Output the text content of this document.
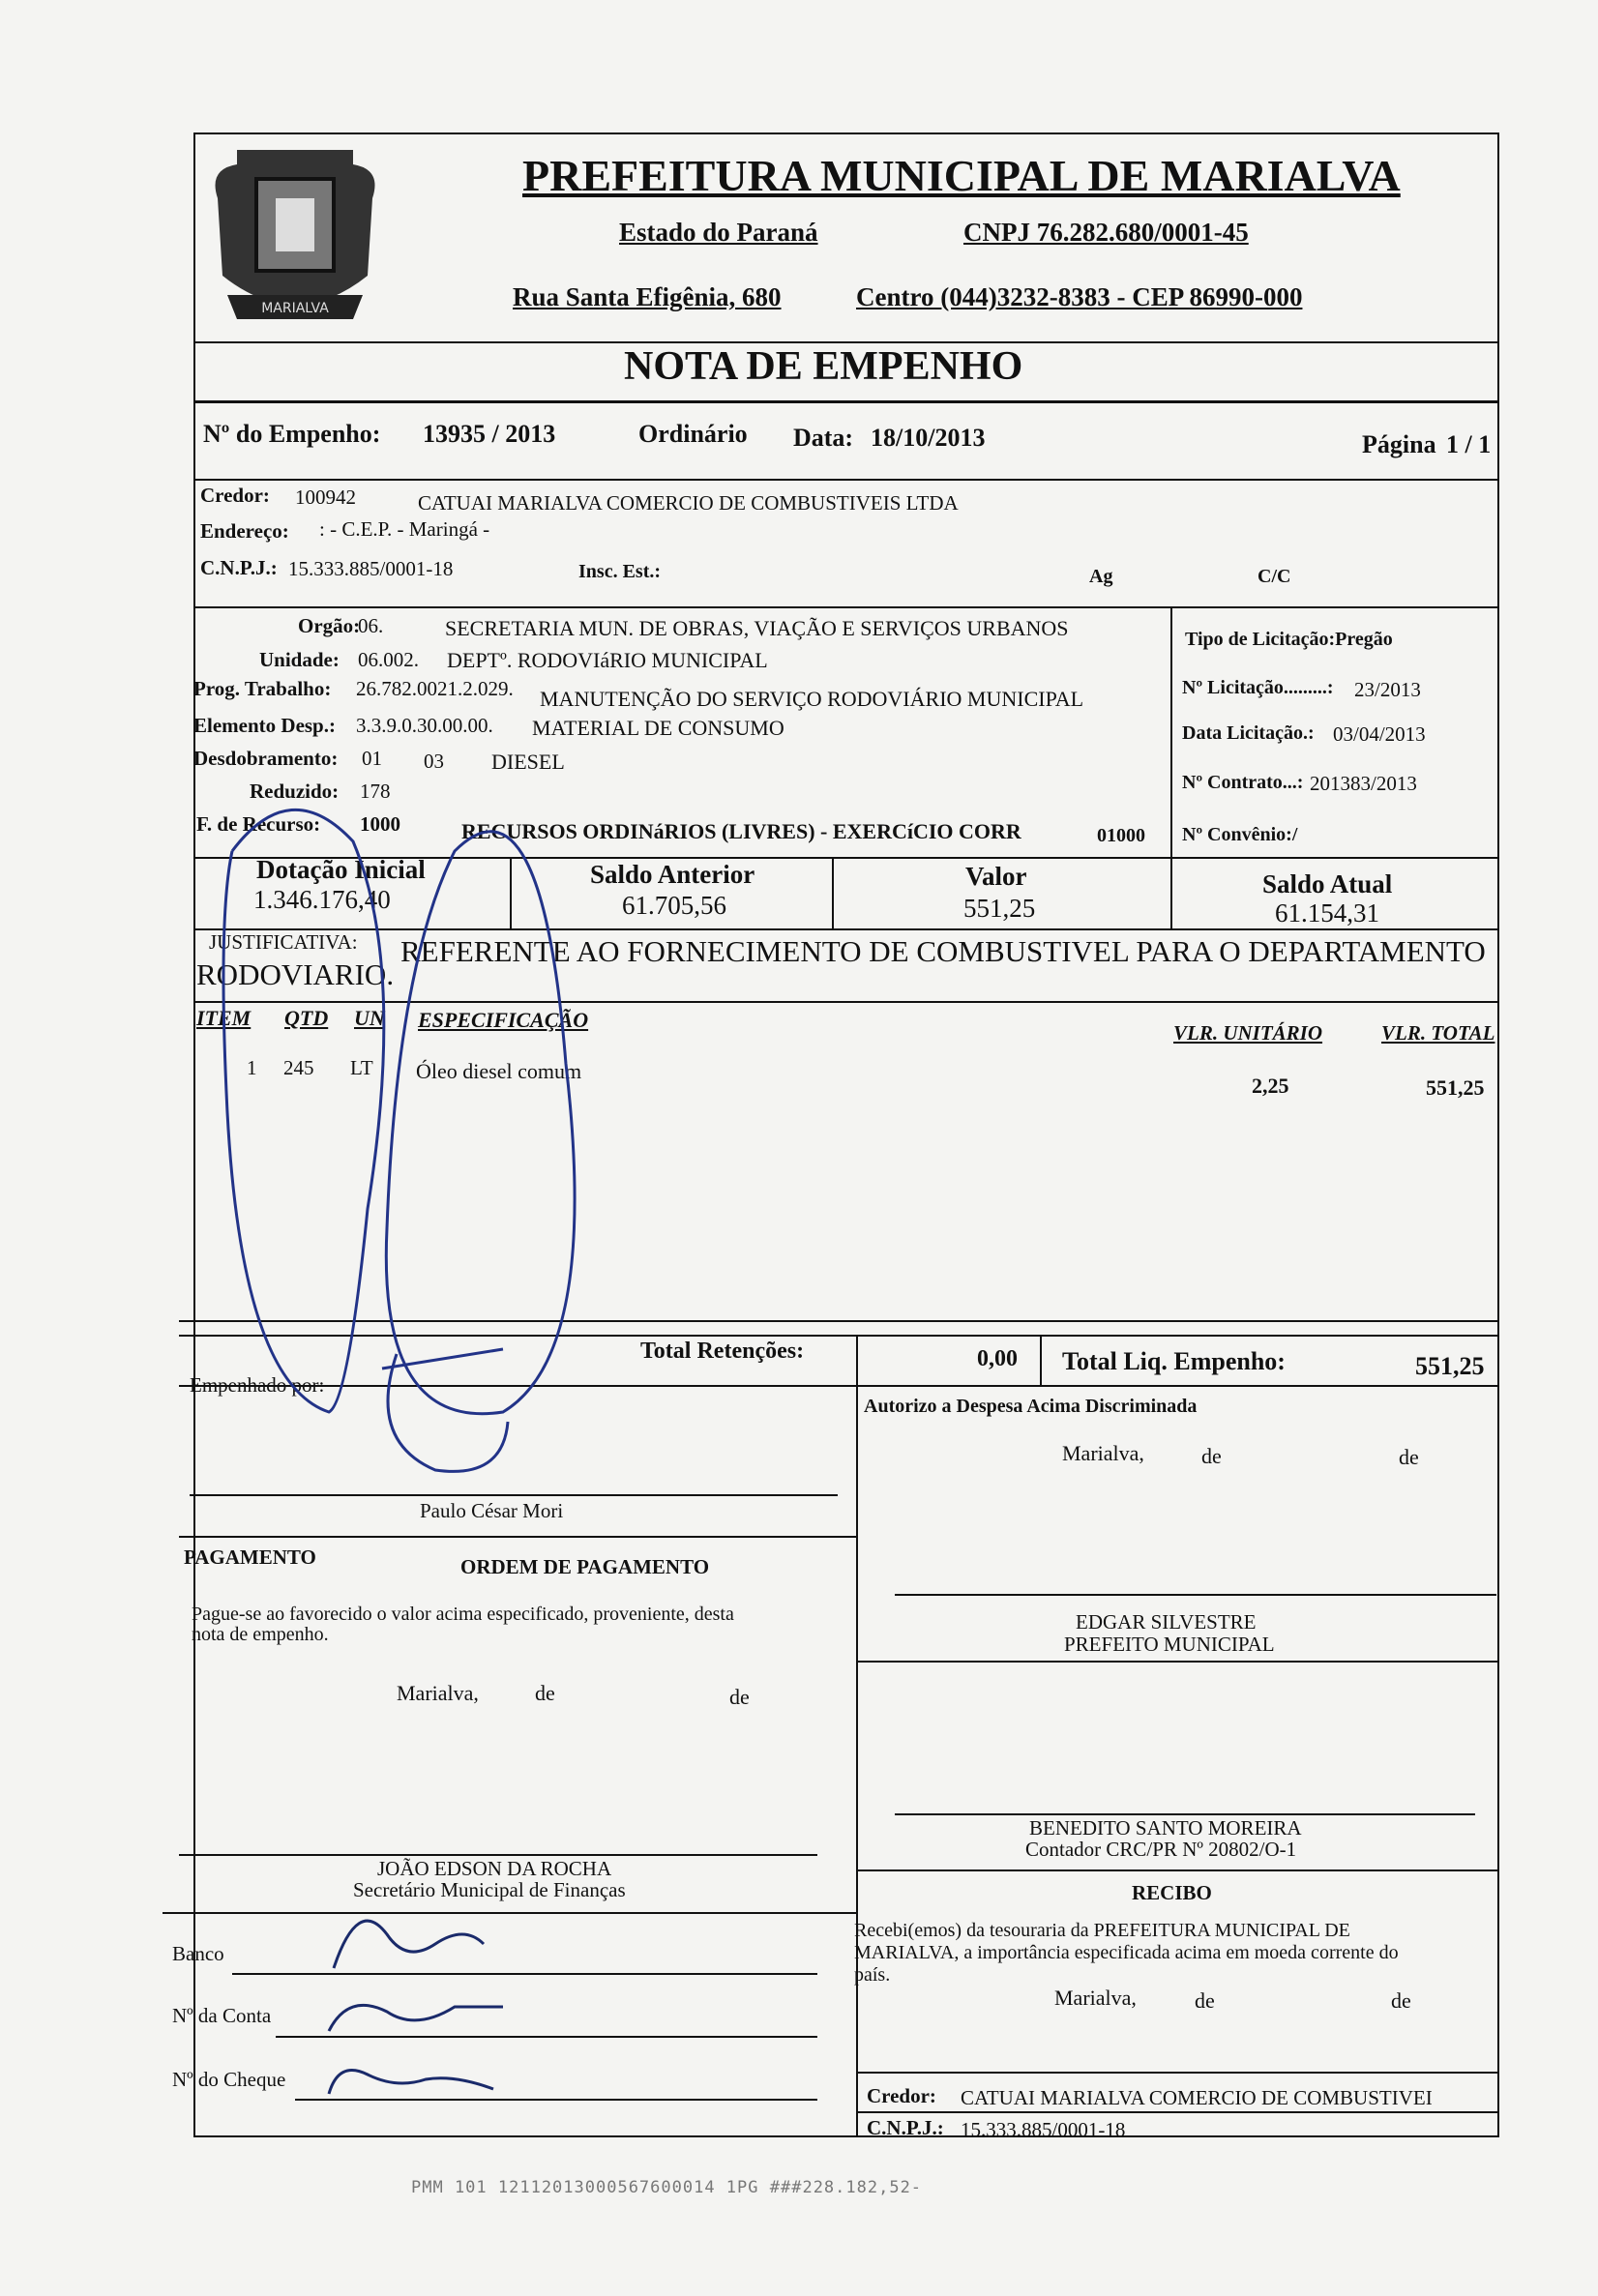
MARIALVA
PREFEITURA MUNICIPAL DE MARIALVA
Estado do Paraná	CNPJ 76.282.680/0001-45
Rua Santa Efigênia, 680	Centro (044)3232-8383 - CEP 86990-000
NOTA DE EMPENHO
Nº do Empenho: 13935 / 2013	Ordinário Data: 18/10/2013	Página 1 / 1
Credor: 100942	CATUAI MARIALVA COMERCIO DE COMBUSTIVEIS LTDA
Endereço: : - C.E.P. - Maringá -
C.N.P.J.: 15.333.885/0001-18	Insc. Est.:	Ag	C/C
Orgão:
06.	SECRETARIA MUN. DE OBRAS, VIAÇÃO E SERVIÇOS URBANOS
Unidade: 06.002. DEPTº. RODOVIáRIO MUNICIPAL
Prog. Trabalho: 26.782.0021.2.029. MANUTENÇÃO DO SERVIÇO RODOVIÁRIO MUNICIPAL
Elemento Desp.: 3.3.9.0.30.00.00. MATERIAL DE CONSUMO
Desdobramento: 01 03 DIESEL
Reduzido: 178
F. de Recurso: 1000	RECURSOS ORDINáRIOS (LIVRES) - EXERCíCIO CORR	01000
Tipo de Licitação:Pregão
Nº Licitação.........: 23/2013
Data Licitação.: 03/04/2013
Nº Contrato...: 201383/2013
Nº Convênio:/
Dotação Inicial
1.346.176,40
Saldo Anterior
61.705,56
Valor
551,25
Saldo Atual
61.154,31
JUSTIFICATIVA: REFERENTE AO FORNECIMENTO DE COMBUSTIVEL PARA O DEPARTAMENTO
RODOVIARIO.
ITEM QTD UN ESPECIFICAÇÃO
VLR. UNITÁRIO	VLR. TOTAL
1 245 LT Óleo diesel comum
2,25	551,25
Total Retenções:	0,00 Total Liq. Empenho:	551,25
Empenhado por:
Paulo César Mori
Autorizo a Despesa Acima Discriminada
Marialva,	de	de
PAGAMENTO	ORDEM DE PAGAMENTO
Pague-se ao favorecido o valor acima especificado, proveniente, desta
nota de empenho.
Marialva,	de	de
EDGAR SILVESTRE
PREFEITO MUNICIPAL
BENEDITO SANTO MOREIRA
Contador CRC/PR Nº 20802/O-1
JOÃO EDSON DA ROCHA
Secretário Municipal de Finanças	RECIBO
Recebi(emos) da tesouraria da PREFEITURA MUNICIPAL DE
MARIALVA, a importância especificada acima em moeda corrente do
país.
Marialva,	de	de
Credor: CATUAI MARIALVA COMERCIO DE COMBUSTIVEI
C.N.P.J.: 15.333.885/0001-18
Banco
Nº da Conta
Nº do Cheque
PMM 101 12112013000567600014 1PG ###228.182,52-
